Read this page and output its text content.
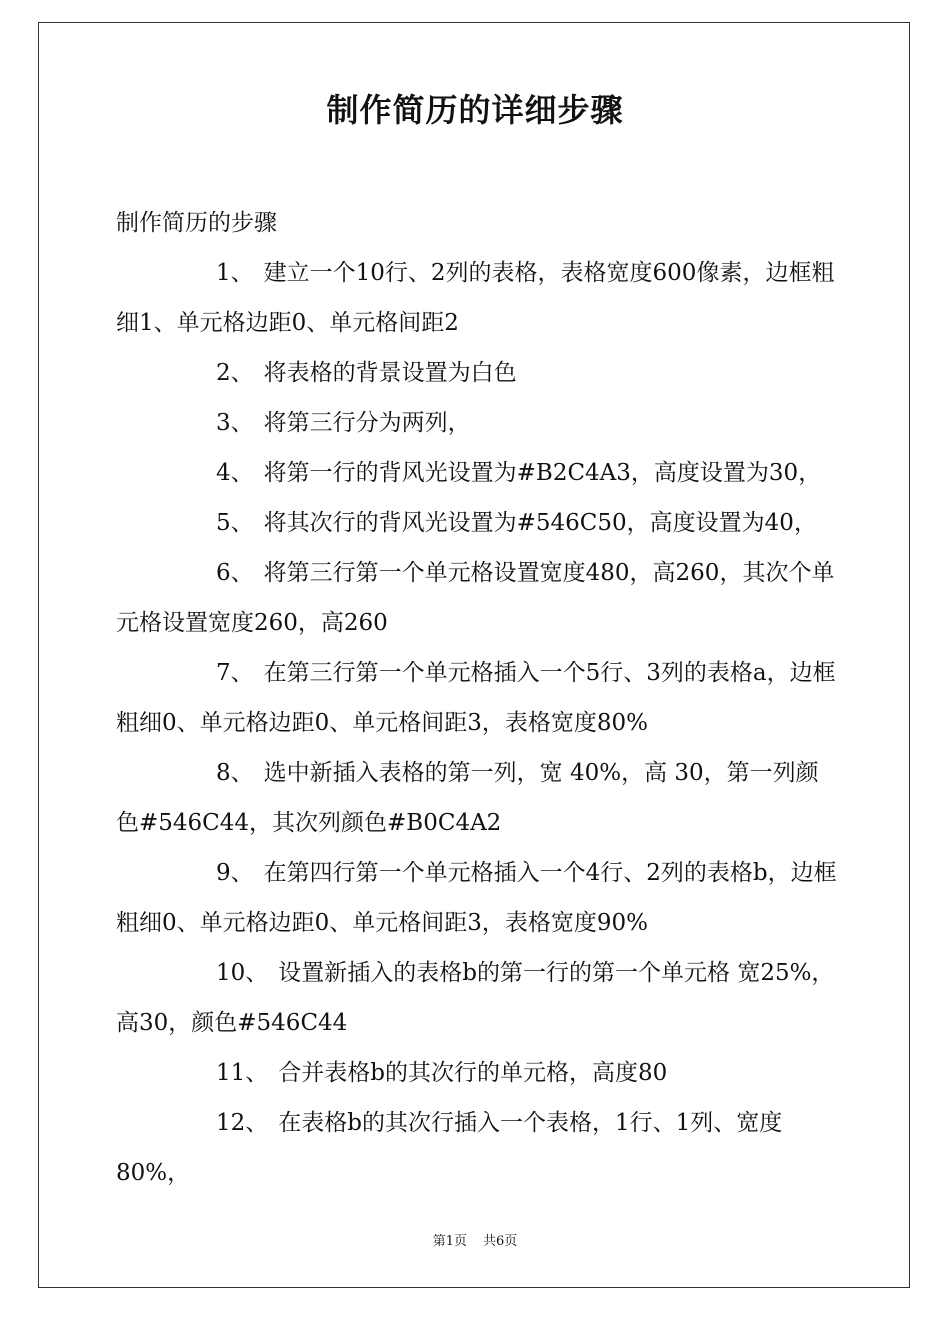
制作简历的详细步骤

制作简历的步骤

1、 建立一个10行、2列的表格，表格宽度600像素，边框粗细1、单元格边距0、单元格间距2

2、 将表格的背景设置为白色

3、 将第三行分为两列，

4、 将第一行的背风光设置为#B2C4A3，高度设置为30，

5、 将其次行的背风光设置为#546C50，高度设置为40，

6、 将第三行第一个单元格设置宽度480，高260，其次个单元格设置宽度260，高260

7、 在第三行第一个单元格插入一个5行、3列的表格a，边框粗细0、单元格边距0、单元格间距3，表格宽度80%

8、 选中新插入表格的第一列，宽 40%，高 30，第一列颜色#546C44，其次列颜色#B0C4A2

9、 在第四行第一个单元格插入一个4行、2列的表格b，边框粗细0、单元格边距0、单元格间距3，表格宽度90%

10、 设置新插入的表格b的第一行的第一个单元格 宽25%，高30，颜色#546C44

11、 合并表格b的其次行的单元格，高度80

12、 在表格b的其次行插入一个表格，1行、1列、宽度80%，

第1页 共6页
